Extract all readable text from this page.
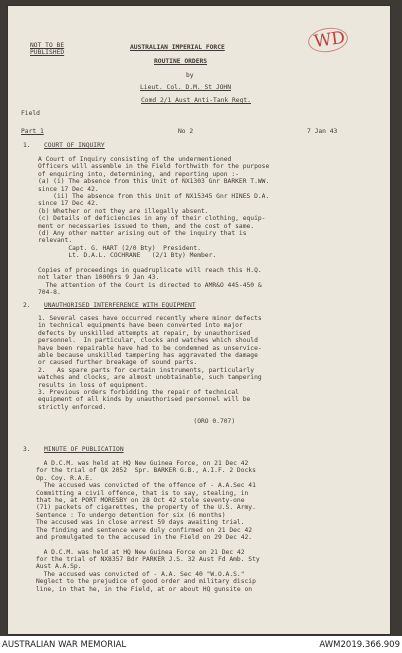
NOT TO BE
PUBLISHED
AUSTRALIAN IMPERIAL FORCE
ROUTINE ORDERS
by
Lieut. Col. D.M. St JOHN
Comd 2/1 Aust Anti-Tank Regt.
Field
WD
Part 1	No 2	7 Jan 43
1. COURT OF INQUIRY
A Court of Inquiry consisting of the undermentioned
Officers will assemble in the Field forthwith for the purpose
of enquiring into, determining, and reporting upon :-
(a) (i) The absence from this Unit of NX1303 Gnr BARKER T.WW.
since 17 Dec 42.
(ii) The absence from this Unit of NX15345 Gnr HINES D.A.
since 17 Dec 42.
(b) Whether or not they are illegally absent.
(c) Details of deficiencies in any of their clothing, equip-
ment or necessaries issued to them, and the cost of same.
(d) Any other matter arising out of the inquiry that is
relevant.
Capt. G. HART (2/0 Bty)  President.
Lt. D.A.L. COCHRANE   (2/1 Bty) Member.
Copies of proceedings in quadruplicate will reach this H.Q.
not later than 1000hrs 9 Jan 43.
The attention of the Court is directed to AMR&O 445-450 &
704-8.
2. UNAUTHORISED INTERFERENCE WITH EQUIPMENT
1. Several cases have occurred recently where minor defects
in technical equipments have been converted into major
defects by unskilled attempts at repair, by unauthorised
personnel.  In particular, clocks and watches which should
have been repairable have had to be condemned as unservice-
able because unskilled tampering has aggravated the damage
or caused further breakage of sound parts.
2.   As spare parts for certain instruments, particularly
watches and clocks, are almost unobtainable, such tampering
results in loss of equipment.
3. Previous orders forbidding the repair of technical
equipment of all kinds by unauthorised personnel will be
strictly enforced.
(ORO 0.707)
3. MINUTE OF PUBLICATION
A D.C.M. was held at HQ New Guinea Force, on 21 Dec 42
for the trial of QX 2052  Spr. BARKER G.B., A.I.F. 2 Docks
Op. Coy. R.A.E.
The accused was convicted of the offence of - A.A.Sec 41
Committing a civil offence, that is to say, stealing, in
that he, at PORT MORESBY on 28 Oct 42 stole seventy-one
(71) packets of cigarettes, the property of the U.S. Army.
Sentence : To undergo detention for six (6 months)
The accused was in close arrest 59 days awaiting trial.
The finding and sentence were duly confirmed on 21 Dec 42
and promulgated to the accused in the Field on 29 Dec 42.
A D.C.M. was held at HQ New Guinea Force on 21 Dec 42
for the trial of NX8357 Bdr PARKER J.S. 32 Aust Fd Amb. Sty
Aust A.A.Sp.
The accused was convicted of - A.A. Sec 40 "W.O.A.S."
Neglect to the prejudice of good order and military discip
line, in that he, in the Field, at or about HQ gunsite on
AUSTRALIAN WAR MEMORIAL	AWM2019.366.909
